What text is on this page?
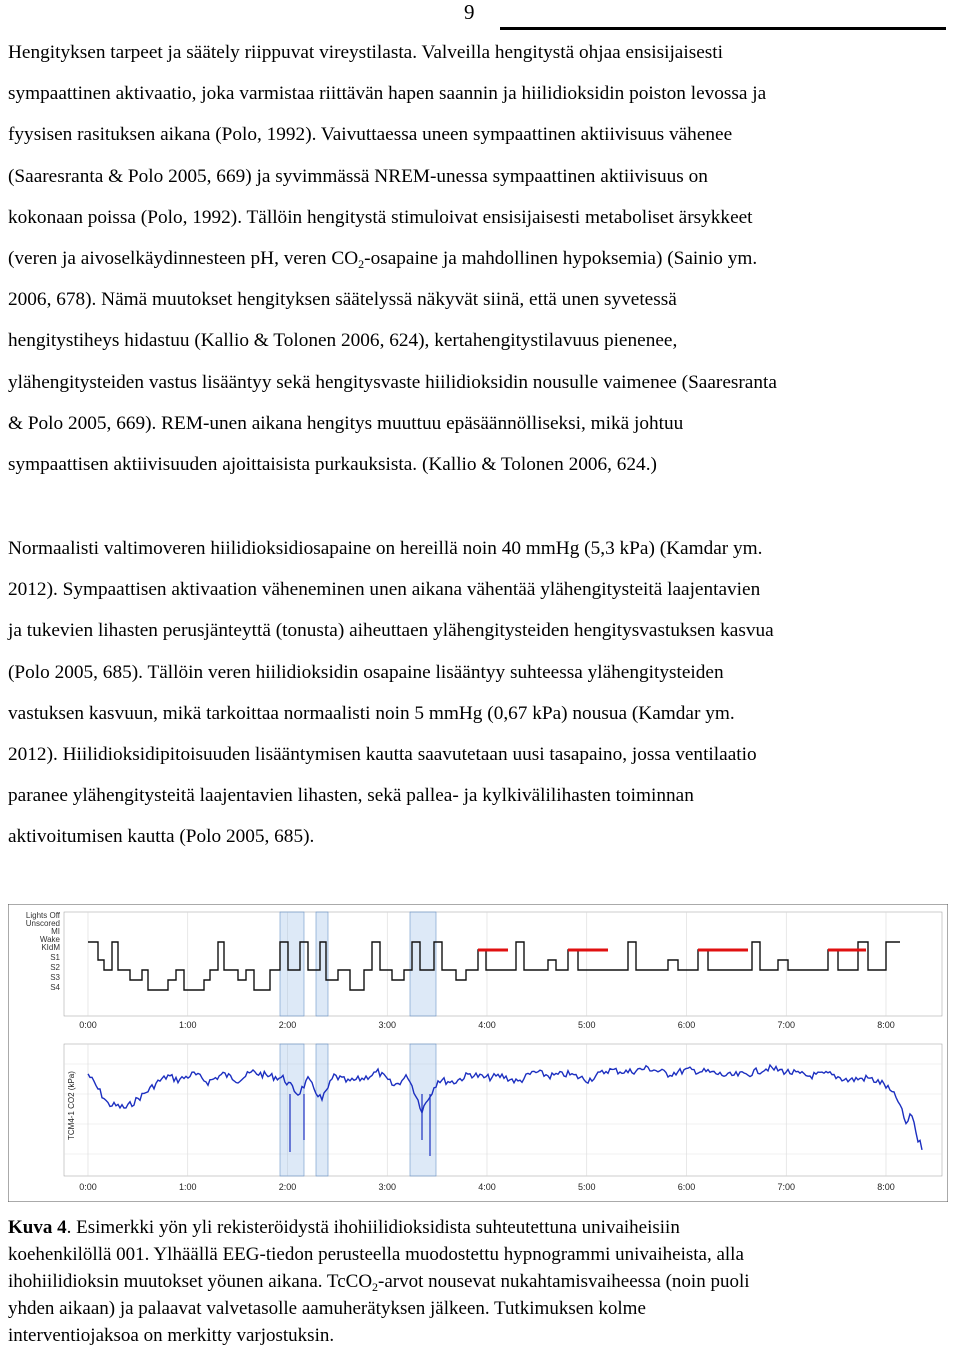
9
Hengityksen tarpeet ja säätely riippuvat vireystilasta. Valveilla hengitystä ohjaa ensisijaisesti
sympaattinen aktivaatio, joka varmistaa riittävän hapen saannin ja hiilidioksidin poiston levossa ja
fyysisen rasituksen aikana (Polo, 1992). Vaivuttaessa uneen sympaattinen aktiivisuus vähenee
(Saaresranta & Polo 2005, 669) ja syvimmässä NREM-unessa sympaattinen aktiivisuus on
kokonaan poissa (Polo, 1992). Tällöin hengitystä stimuloivat ensisijaisesti metaboliset ärsykkeet
(veren ja aivoselkäydinnesteen pH, veren $CO_2$-osapaine ja mahdollinen hypoksemia) (Sainio ym.
2006, 678). Nämä muutokset hengityksen säätelyssä näkyvät siinä, että unen syvetessä
hengitystiheys hidastuu (Kallio & Tolonen 2006, 624), kertahengitystilavuus pienenee,
ylähengitysteiden vastus lisääntyy sekä hengitysvaste hiilidioksidin nousulle vaimenee (Saaresranta
& Polo 2005, 669). REM-unen aikana hengitys muuttuu epäsäännölliseksi, mikä johtuu
sympaattisen aktiivisuuden ajoittaisista purkauksista. (Kallio & Tolonen 2006, 624.)
Normaalisti valtimoveren hiilidioksidiosapaine on hereillä noin 40 mmHg (5,3 kPa) (Kamdar ym.
2012). Sympaattisen aktivaation väheneminen unen aikana vähentää ylähengitysteitä laajentavien
ja tukevien lihasten perusjänteyttä (tonusta) aiheuttaen ylähengitysteiden hengitysvastuksen kasvua
(Polo 2005, 685). Tällöin veren hiilidioksidin osapaine lisääntyy suhteessa ylähengitysteiden
vastuksen kasvuun, mikä tarkoittaa normaalisti noin 5 mmHg (0,67 kPa) nousua (Kamdar ym.
2012). Hiilidioksidipitoisuuden lisääntymisen kautta saavutetaan uusi tasapaino, jossa ventilaatio
paranee ylähengitysteitä laajentavien lihasten, sekä pallea- ja kylkivälilihasten toiminnan
aktivoitumisen kautta (Polo 2005, 685).
Lights Off
Unscored
MI
Wake
KIdM
S1
S2
S3
S4
0:00
0:00
1:00
1:00
2:00
2:00
3:00
3:00
4:00
4:00
5:00
5:00
6:00
6:00
7:00
7:00
8:00
8:00
TCM4-1 CO2 (kPa)
Kuva 4. Esimerkki yön yli rekisteröidystä ihohiilidioksidista suhteutettuna univaiheisiin
koehenkilöllä 001. Ylhäällä EEG-tiedon perusteella muodostettu hypnogrammi univaiheista, alla
ihohiilidioksin muutokset yöunen aikana. TcCO$_2$-arvot nousevat nukahtamisvaiheessa (noin puoli
yhden aikaan) ja palaavat valvetasolle aamuherätyksen jälkeen. Tutkimuksen kolme
interventiojaksoa on merkitty varjostuksin.
